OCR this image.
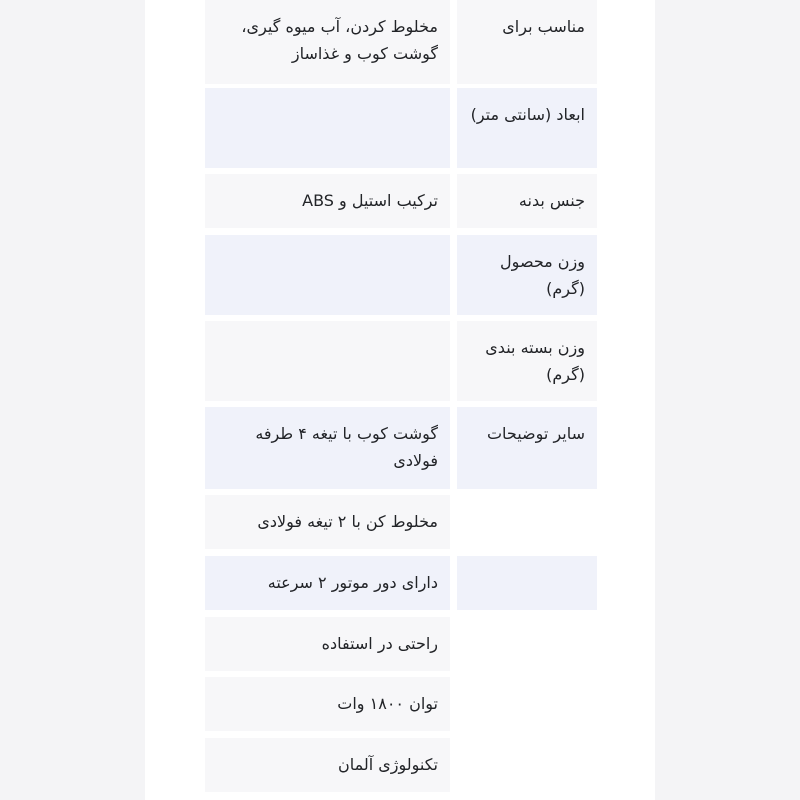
مخلوط کردن، آب میوه گیری، گوشت کوب و غذاساز
مناسب برای
ابعاد (سانتی متر)
ترکیب استیل و ABS	جنس بدنه
وزن محصول (گرم)
وزن بسته بندی (گرم)
گوشت کوب با تیغه ۴ طرفه فولادی
سایر توضیحات
مخلوط کن با ۲ تیغه فولادی
دارای دور موتور ۲ سرعته
راحتی در استفاده
توان ۱۸۰۰ وات
تکنولوژی آلمان
